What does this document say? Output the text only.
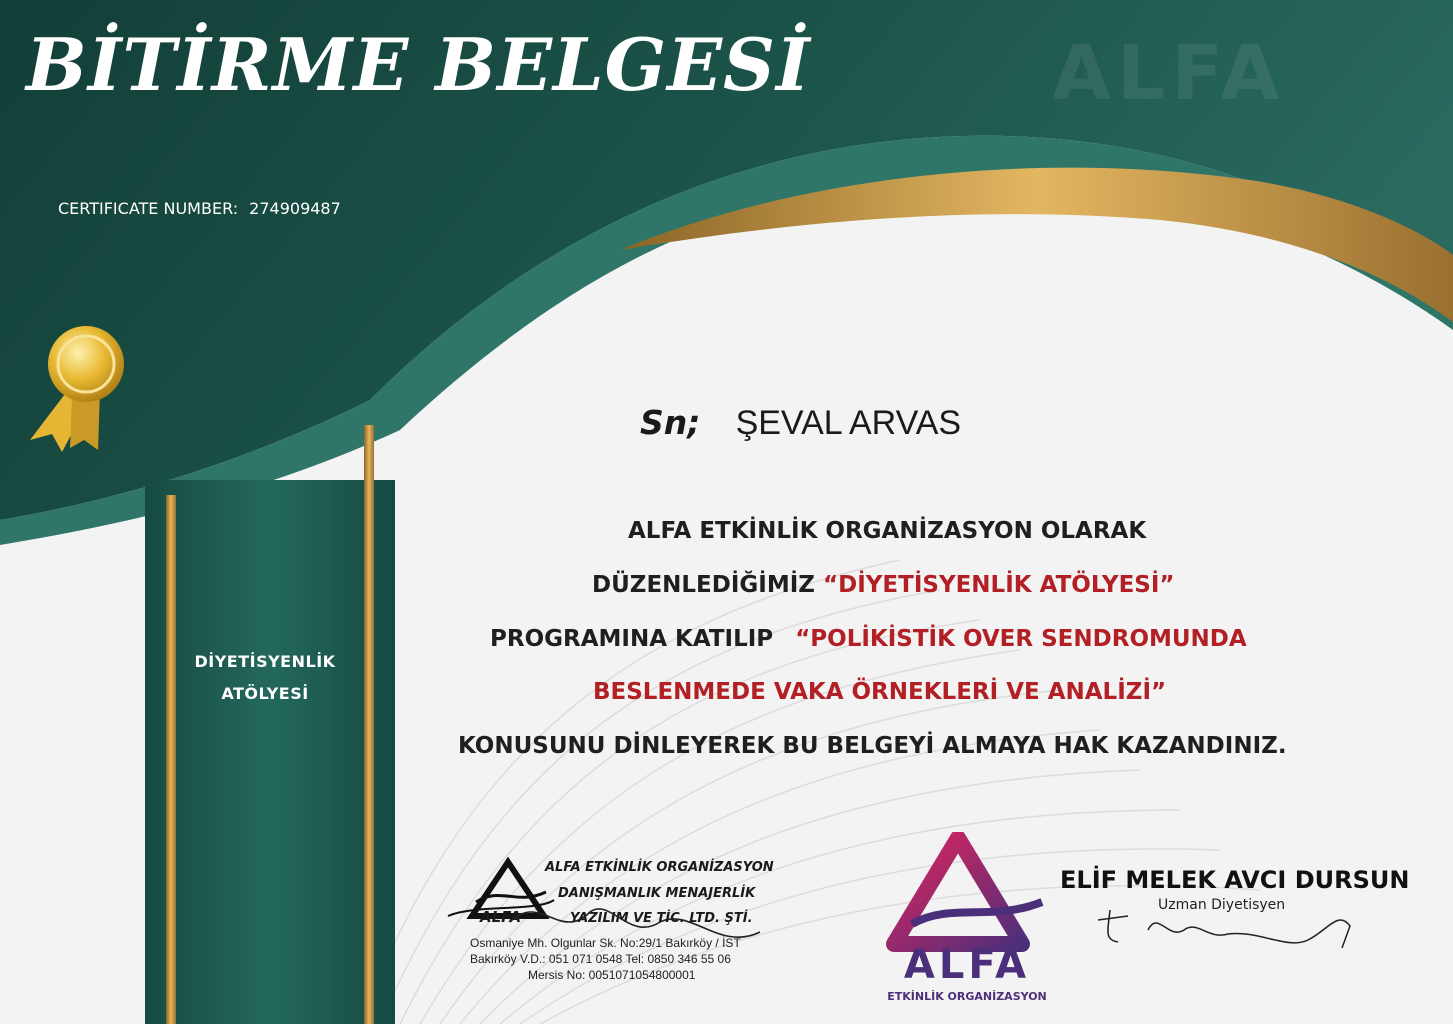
BİTİRME BELGESİ	ALFA
CERTIFICATE NUMBER: 274909487
Sn; ŞEVAL ARVAS
ALFA ETKİNLİK ORGANİZASYON OLARAK
DÜZENLEDİĞİMİZ “DİYETİSYENLİK ATÖLYESİ”
PROGRAMINA KATILIP “POLİKİSTİK OVER SENDROMUNDA
BESLENMEDE VAKA ÖRNEKLERİ VE ANALİZİ”
KONUSUNU DİNLEYEREK BU BELGEYİ ALMAYA HAK KAZANDINIZ.
DİYETİSYENLİK
ATÖLYESİ
ALFA
ALFA ETKİNLİK ORGANİZASYON
DANIŞMANLIK MENAJERLİK
YAZILIM VE TİC. LTD. ŞTİ.
Osmaniye Mh. Olgunlar Sk. No:29/1 Bakırköy / İST
Bakırköy V.D.: 051 071 0548 Tel: 0850 346 55 06
Mersis No: 0051071054800001	ALFA
ETKİNLİK ORGANİZASYON
ELİF MELEK AVCI DURSUN
Uzman Diyetisyen
